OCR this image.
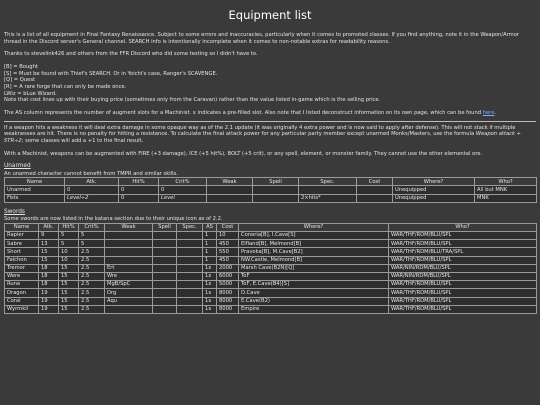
Equipment list

This is a list of all equipment in Final Fantasy Renaissance. Subject to some errors and inaccuracies, particularly when it comes to promoted classes. If you find anything, note it in the Weapon/Armor thread in the Discord server's General channel. SEARCH info is intentionally incomplete when it comes to non-notable extras for readability reasons.

Thanks to stevelink426 and others from the FFR Discord who did some testing so I didn't have to.

[B] = Bought

[S] = Must be found with Thief's SEARCH. Or in Yoichi's case, Ranger's SCAVENGE.

[Q] = Quest

[R] = A rare forge that can only be made once.

LWiz = bLue Wizard.

Note that cost lines up with their buying price (sometimes only from the Caravan) rather than the value listed in-game which is the selling price.

The AS column represents the number of augment slots for a Machinist. x indicates a pre-filled slot. Also note that I listed deconstruct information on its own page, which can be found here.

If a weapon hits a weakness it will deal extra damage in some opaque way as of the 2.1 update (it was originally 4 extra power and is now said to apply after defense). This will not stack if multiple weaknesses are hit. There is no penalty for hitting a resistance. To calculate the final attack power for any particular party member except unarmed Monks/Masters, use the formula Weapon attack + STR÷2; some classes will add a +1 to the final result.

With a Machinist, weapons can be augmented with FIRE (+3 damage), ICE (+5 hit%), BOLT (+5 crit), or any spell, element, or monster family. They cannot use the other elemental ore.

Unarmed

An unarmed character cannot benefit from TMPR and similar skills.

Name	Atk.	Hit%	Crit%	Weak	Spell	Spec.	Cost	Where?	Who?
Unarmed	0	0	0					Unequipped	All but MNK
Fists	Level÷2	0	Level			2×hits*		Unequipped	MNK
Swords

Some swords are now listed in the katana section due to their unique icon as of 2.2.

Name	Atk.	Hit%	Crit%	Weak	Spell	Spec.	AS	Cost	Where?	Who?
Rapier	9	5	5				1	10	Coneria[B], I.Cave[S]	WAR/THF/RDM/BLU/SPL
Sabre	13	5	5				1	450	Elfland[B], Melmond[B]	WAR/THF/RDM/BLU/SPL
Short	15	10	2.5				1	550	Pravoka[B], M.Cave[B2]	WAR/THF/RDM/BLU/TRA/SPL
Falchon	15	10	2.5				1	450	NW.Castle, Melmond[B]	WAR/THF/RDM/BLU/SPL
Tremor	18	15	2.5	Ert			1x	2000	Marsh Cave(B2N)[Q]	WAR/NIN/RDM/BLU/SPL
Were	18	15	2.5	Wre			1x	6000	ToF	WAR/NIN/RDM/BLU/SPL
Rune	18	15	2.5	MgB/SpC			1x	5000	ToF, E.Cave(B4)[S]	WAR/THF/RDM/BLU/SPL
Dragon	19	15	2.5	Drg			1x	8000	D.Cave	WAR/THF/RDM/BLU/SPL
Coral	19	15	2.5	Aqu			1x	8000	E.Cave(B2)	WAR/THF/RDM/BLU/SPL
Wyrmkil	19	15	2.5				1x	8000	Empire	WAR/THF/RDM/BLU/SPL
